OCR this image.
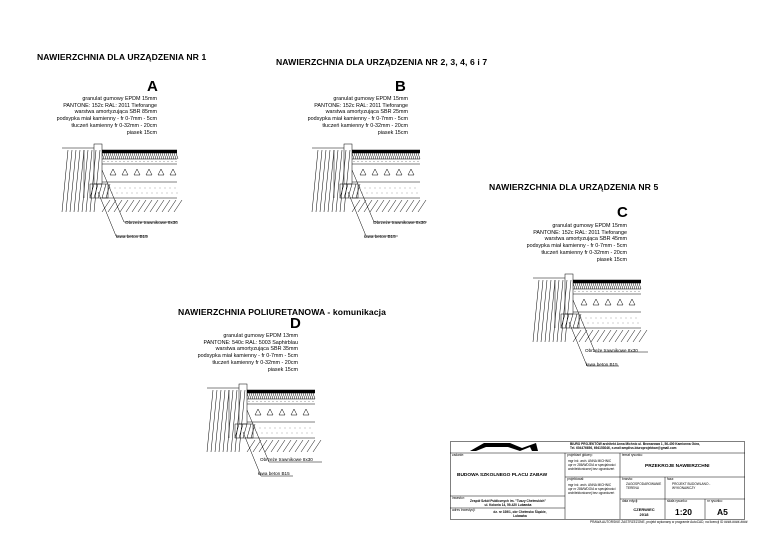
NAWIERZCHNIA DLA URZĄDZENIA NR 1
A
granulat gumowy EPDM 15mm
PANTONE: 152c RAL: 2011 Tieforange
warstwa amortyzująca SBR 85mm
podsypka miał kamienny - fr 0-7mm - 5cm
tłuczeń kamienny fr 0-32mm - 20cm
piasek 15cm
Obrzeże trawnikowe 8x30
ława beton B15
NAWIERZCHNIA DLA URZĄDZENIA NR 2, 3, 4, 6 i 7
B
granulat gumowy EPDM 15mm
PANTONE: 152c RAL: 2011 Tieforange
warstwa amortyzująca SBR 25mm
podsypka miał kamienny - fr 0-7mm - 5cm
tłuczeń kamienny fr 0-32mm - 20cm
piasek 15cm
Obrzeże trawnikowe 8x30
ława beton B15
NAWIERZCHNIA DLA URZĄDZENIA NR 5
C
granulat gumowy EPDM 15mm
PANTONE: 152c RAL: 2011 Tieforange
warstwa amortyzująca SBR 45mm
podsypka miał kamienny - fr 0-7mm - 5cm
tłuczeń kamienny fr 0-32mm - 20cm
piasek 15cm
Obrzeże trawnikowe 8x30
ława beton B15
NAWIERZCHNIA POLIURETANOWA - komunikacja
D
granulat gumowy EPDM 13mm
PANTONE: 540c RAL: 5003 Saphirblau
warstwa amortyzująca SBR 35mm
podsypka miał kamienny - fr 0-7mm - 5cm
tłuczeń kamienny fr 0-32mm - 20cm
piasek 15cm
Obrzeże trawnikowe 8x30
ława beton B15
BIURO PROJEKTÓW architekt Anna Michnic ul. Browarowa 1, 56-400 Kamionna Góra,
Tel. 604476656, 694153046, e-mail:ampliss.biuroprojektow@gmail.com
zadanie:
BUDOWA SZKOLNEGO PLACU ZABAW
inwestor:
Zespół Szkół Publicznych im. "Tuszy Chełmskich"
ul. Kolonia 14, 59-420 Lubawka
adres inwestycji:	dz. nr 339/1, obr Chełmsko Śląskie,
Lubawka
projektant główny:
mgr inż. arch. ANNA MICHNIC
upr nr 286/WDOIA w specjalności
architektonicznej bez ograniczeń
projektował:
mgr inż. arch. ANNA MICHNIC
upr nr 286/WDOIA w specjalności
architektonicznej bez ograniczeń
temat rysunku:
PRZEKROJE NAWIERZCHNI
branża:
ZAGOSPODAROWANIE
TERENU
faza:
PROJEKT BUDOWLANO -
WYKONAWCZY
data edycji:
CZERWIEC
2018
skala rysunku:
1:20
nr rysunku:
A5
PRAWA AUTORSKIE ZASTRZEŻONE, projekt wykonany w programie AutoCAD, na licencji ID ####-####-####
